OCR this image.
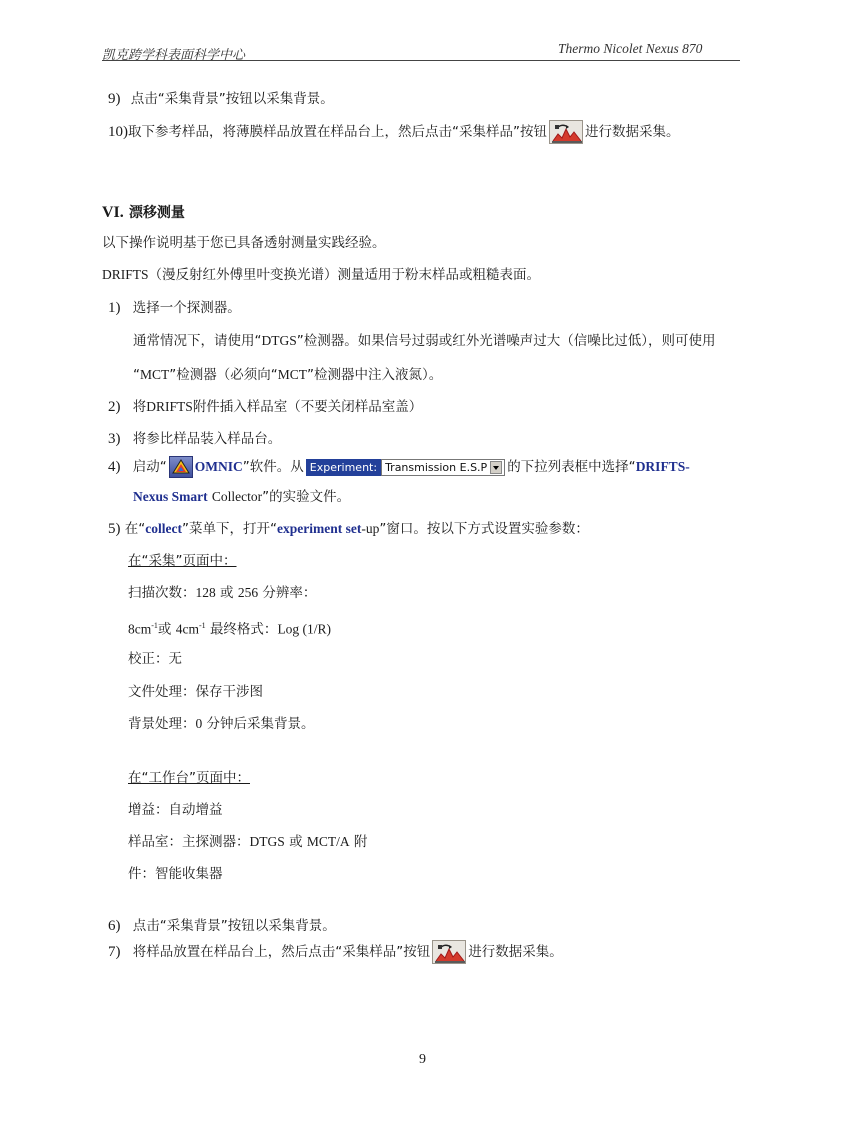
凯克跨学科表面科学中心	Thermo Nicolet Nexus 870
9) 点击“采集背景”按钮以采集背景。
10)取下参考样品，将薄膜样品放置在样品台上，然后点击“采集样品”按钮	进行数据采集。
VI. 漂移测量
以下操作说明基于您已具备透射测量实践经验。
DRIFTS（漫反射红外傅里叶变换光谱）测量适用于粉末样品或粗糙表面。
1) 选择一个探测器。
通常情况下，请使用“DTGS”检测器。如果信号过弱或红外光谱噪声过大（信噪比过低），则可使用
“MCT”检测器（必须向“MCT”检测器中注入液氮）。
2) 将DRIFTS附件插入样品室（不要关闭样品室盖）
3) 将参比样品装入样品台。
4) 启动“ OMNIC”软件。从 Experiment: Transmission E.S.P 的下拉列表框中选择“DRIFTS-
Nexus Smart Collector”的实验文件。
5) 在“collect”菜单下，打开“experiment set-up”窗口。按以下方式设置实验参数：
在“采集”页面中：
扫描次数：128 或 256 分辨率：
$8cm^{-1}$或 $4cm^{-1}$ 最终格式：Log (1/R)
校正：无
文件处理：保存干涉图
背景处理：0 分钟后采集背景。
在“工作台”页面中：
增益：自动增益
样品室：主探测器：DTGS 或 MCT/A 附
件：智能收集器
6) 点击“采集背景”按钮以采集背景。
7) 将样品放置在样品台上，然后点击“采集样品”按钮	进行数据采集。
9
